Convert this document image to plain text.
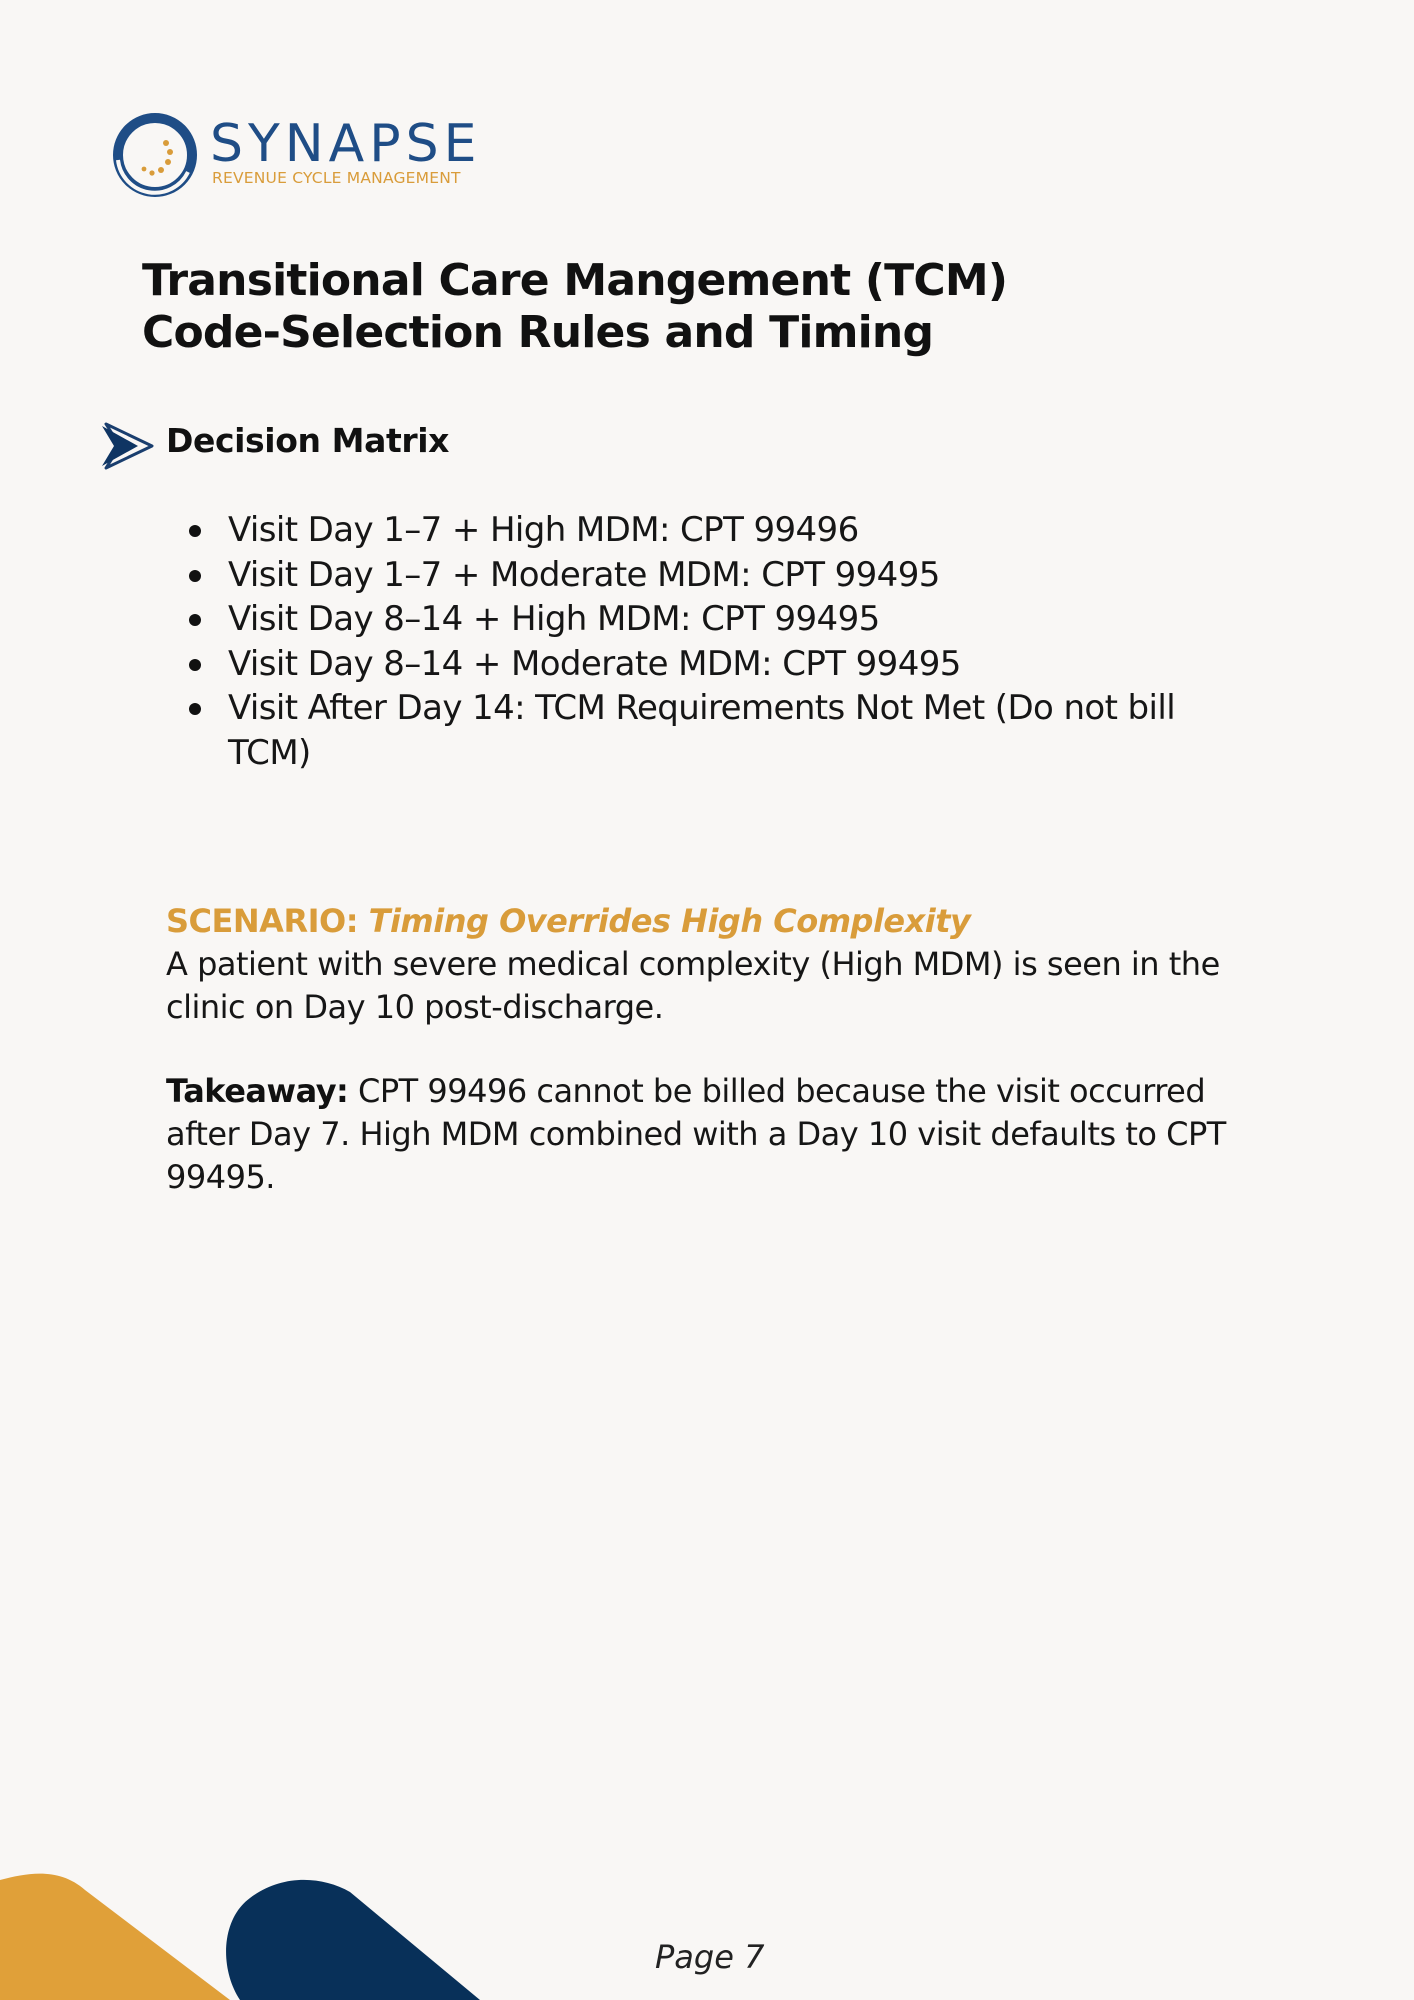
SYNAPSE
REVENUE CYCLE MANAGEMENT
Transitional Care Mangement (TCM)
Code-Selection Rules and Timing
Decision Matrix
Visit Day 1–7 + High MDM: CPT 99496
Visit Day 1–7 + Moderate MDM: CPT 99495
Visit Day 8–14 + High MDM: CPT 99495
Visit Day 8–14 + Moderate MDM: CPT 99495
Visit After Day 14: TCM Requirements Not Met (Do not bill TCM)
SCENARIO: Timing Overrides High Complexity

A patient with severe medical complexity (High MDM) is seen in the clinic on Day 10 post-discharge.

Takeaway: CPT 99496 cannot be billed because the visit occurred after Day 7. High MDM combined with a Day 10 visit defaults to CPT 99495.

Page 7
